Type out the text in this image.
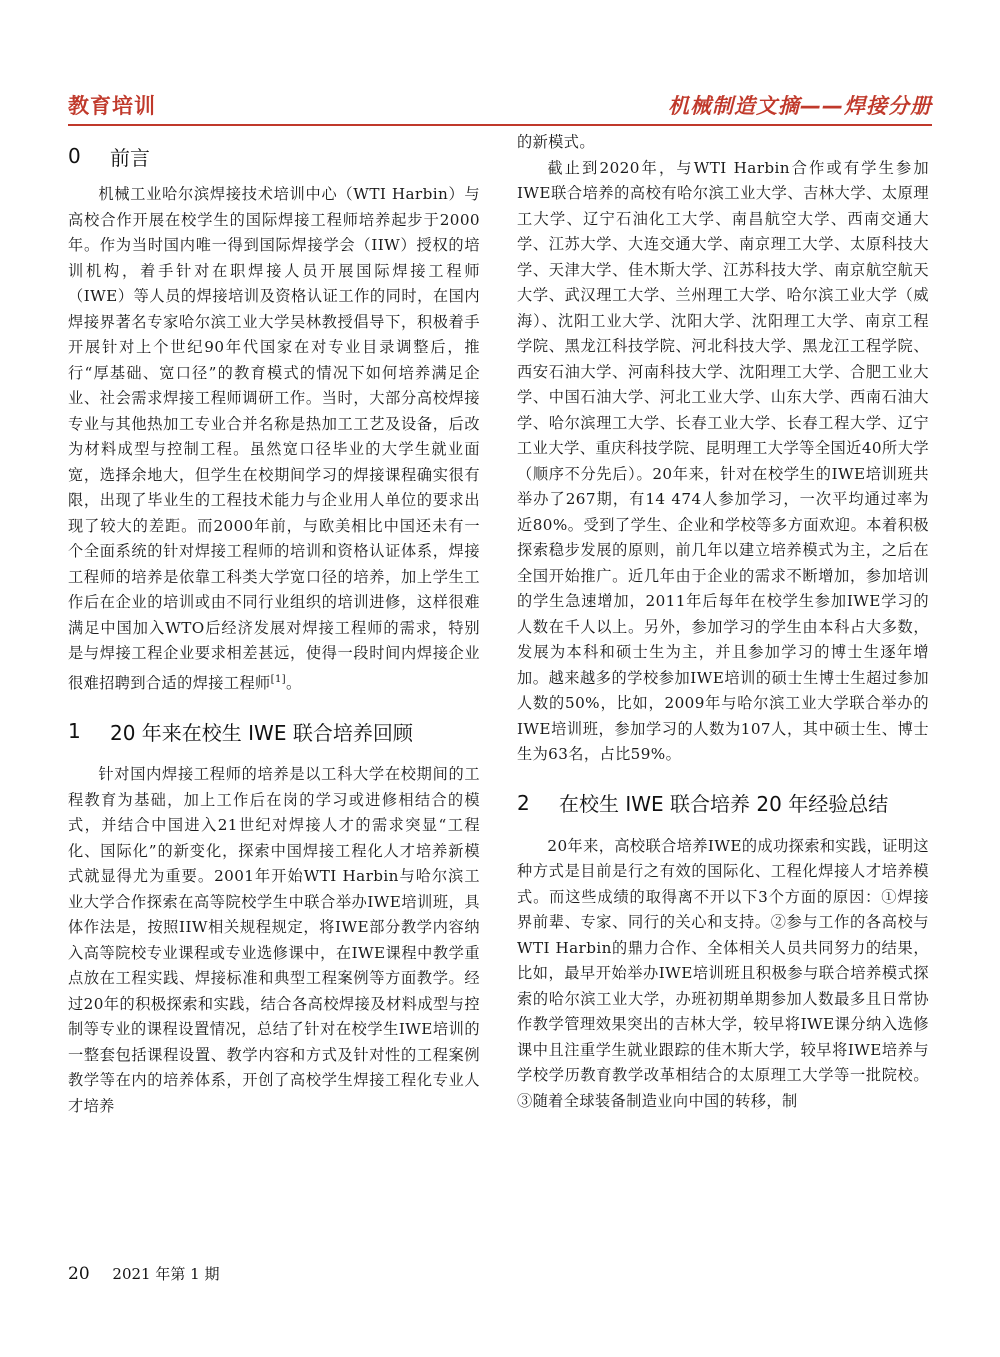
教育培训	机械制造文摘——焊接分册
0 前言

机械工业哈尔滨焊接技术培训中心（WTI Harbin）与高校合作开展在校学生的国际焊接工程师培养起步于2000年。作为当时国内唯一得到国际焊接学会（IIW）授权的培训机构，着手针对在职焊接人员开展国际焊接工程师（IWE）等人员的焊接培训及资格认证工作的同时，在国内焊接界著名专家哈尔滨工业大学吴林教授倡导下，积极着手开展针对上个世纪90年代国家在对专业目录调整后，推行“厚基础、宽口径”的教育模式的情况下如何培养满足企业、社会需求焊接工程师调研工作。当时，大部分高校焊接专业与其他热加工专业合并名称是热加工工艺及设备，后改为材料成型与控制工程。虽然宽口径毕业的大学生就业面宽，选择余地大，但学生在校期间学习的焊接课程确实很有限，出现了毕业生的工程技术能力与企业用人单位的要求出现了较大的差距。而2000年前，与欧美相比中国还未有一个全面系统的针对焊接工程师的培训和资格认证体系，焊接工程师的培养是依靠工科类大学宽口径的培养，加上学生工作后在企业的培训或由不同行业组织的培训进修，这样很难满足中国加入WTO后经济发展对焊接工程师的需求，特别是与焊接工程企业要求相差甚远，使得一段时间内焊接企业很难招聘到合适的焊接工程师[1]。

1 20 年来在校生 IWE 联合培养回顾

针对国内焊接工程师的培养是以工科大学在校期间的工程教育为基础，加上工作后在岗的学习或进修相结合的模式，并结合中国进入21世纪对焊接人才的需求突显“工程化、国际化”的新变化，探索中国焊接工程化人才培养新模式就显得尤为重要。2001年开始WTI Harbin与哈尔滨工业大学合作探索在高等院校学生中联合举办IWE培训班，具体作法是，按照IIW相关规程规定，将IWE部分教学内容纳入高等院校专业课程或专业选修课中，在IWE课程中教学重点放在工程实践、焊接标准和典型工程案例等方面教学。经过20年的积极探索和实践，结合各高校焊接及材料成型与控制等专业的课程设置情况，总结了针对在校学生IWE培训的一整套包括课程设置、教学内容和方式及针对性的工程案例教学等在内的培养体系，开创了高校学生焊接工程化专业人才培养

的新模式。

截止到2020年，与WTI Harbin合作或有学生参加IWE联合培养的高校有哈尔滨工业大学、吉林大学、太原理工大学、辽宁石油化工大学、南昌航空大学、西南交通大学、江苏大学、大连交通大学、南京理工大学、太原科技大学、天津大学、佳木斯大学、江苏科技大学、南京航空航天大学、武汉理工大学、兰州理工大学、哈尔滨工业大学（威海）、沈阳工业大学、沈阳大学、沈阳理工大学、南京工程学院、黑龙江科技学院、河北科技大学、黑龙江工程学院、西安石油大学、河南科技大学、沈阳理工大学、合肥工业大学、中国石油大学、河北工业大学、山东大学、西南石油大学、哈尔滨理工大学、长春工业大学、长春工程大学、辽宁工业大学、重庆科技学院、昆明理工大学等全国近40所大学（顺序不分先后）。20年来，针对在校学生的IWE培训班共举办了267期，有14 474人参加学习，一次平均通过率为近80%。受到了学生、企业和学校等多方面欢迎。本着积极探索稳步发展的原则，前几年以建立培养模式为主，之后在全国开始推广。近几年由于企业的需求不断增加，参加培训的学生急速增加，2011年后每年在校学生参加IWE学习的人数在千人以上。另外，参加学习的学生由本科占大多数，发展为本科和硕士生为主，并且参加学习的博士生逐年增加。越来越多的学校参加IWE培训的硕士生博士生超过参加人数的50%，比如，2009年与哈尔滨工业大学联合举办的IWE培训班，参加学习的人数为107人，其中硕士生、博士生为63名，占比59%。

2 在校生 IWE 联合培养 20 年经验总结

20年来，高校联合培养IWE的成功探索和实践，证明这种方式是目前是行之有效的国际化、工程化焊接人才培养模式。而这些成绩的取得离不开以下3个方面的原因：①焊接界前辈、专家、同行的关心和支持。②参与工作的各高校与WTI Harbin的鼎力合作、全体相关人员共同努力的结果，比如，最早开始举办IWE培训班且积极参与联合培养模式探索的哈尔滨工业大学，办班初期单期参加人数最多且日常协作教学管理效果突出的吉林大学，较早将IWE课分纳入选修课中且注重学生就业跟踪的佳木斯大学，较早将IWE培养与学校学历教育教学改革相结合的太原理工大学等一批院校。③随着全球装备制造业向中国的转移，制

20 2021 年第 1 期
